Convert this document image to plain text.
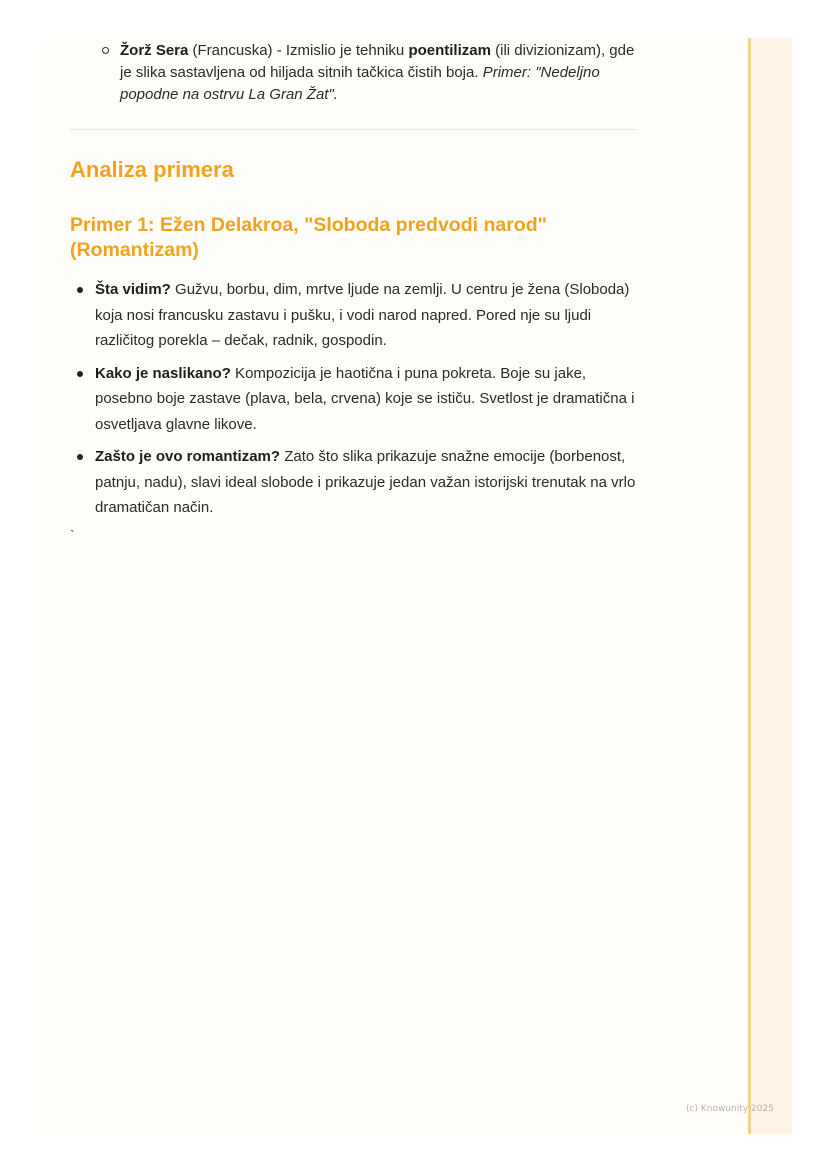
Žorž Sera (Francuska) - Izmislio je tehniku poentilizam (ili divizionizam), gde je slika sastavljena od hiljada sitnih tačkica čistih boja. Primer: "Nedeljno popodne na ostrvu La Gran Žat".
Analiza primera
Primer 1: Ežen Delakroa, "Sloboda predvodi narod" (Romantizam)
Šta vidim? Gužvu, borbu, dim, mrtve ljude na zemlji. U centru je žena (Sloboda) koja nosi francusku zastavu i pušku, i vodi narod napred. Pored nje su ljudi različitog porekla – dečak, radnik, gospodin.
Kako je naslikano? Kompozicija je haotična i puna pokreta. Boje su jake, posebno boje zastave (plava, bela, crvena) koje se ističu. Svetlost je dramatična i osvetljava glavne likove.
Zašto je ovo romantizam? Zato što slika prikazuje snažne emocije (borbenost, patnju, nadu), slavi ideal slobode i prikazuje jedan važan istorijski trenutak na vrlo dramatičan način.
`
(c) Knowunity 2025
